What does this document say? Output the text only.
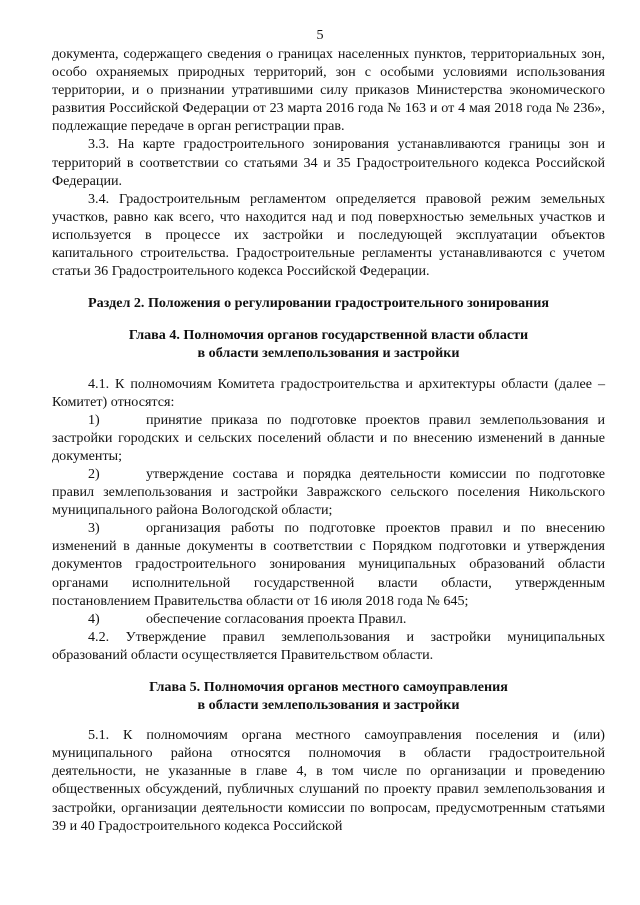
5

документа, содержащего сведения о границах населенных пунктов, территориальных зон, особо охраняемых природных территорий, зон с особыми условиями использования территории, и о признании утратившими силу приказов Министерства экономического развития Российской Федерации от 23 марта 2016 года № 163 и от 4 мая 2018 года № 236», подлежащие передаче в орган регистрации прав.

3.3. На карте градостроительного зонирования устанавливаются границы зон и территорий в соответствии со статьями 34 и 35 Градостроительного кодекса Российской Федерации.

3.4. Градостроительным регламентом определяется правовой режим земельных участков, равно как всего, что находится над и под поверхностью земельных участков и используется в процессе их застройки и последующей эксплуатации объектов капитального строительства. Градостроительные регламенты устанавливаются с учетом статьи 36 Градостроительного кодекса Российской Федерации.

Раздел 2. Положения о регулировании градостроительного зонирования
Глава 4. Полномочия органов государственной власти области
в области землепользования и застройки

4.1. К полномочиям Комитета градостроительства и архитектуры области (далее – Комитет) относятся:

1)	принятие приказа по подготовке проектов правил землепользования и застройки городских и сельских поселений области и по внесению изменений в данные документы;

2)	утверждение состава и порядка деятельности комиссии по подготовке правил землепользования и застройки Завражского сельского поселения Никольского муниципального района Вологодской области;

3)	организация работы по подготовке проектов правил и по внесению изменений в данные документы в соответствии с Порядком подготовки и утверждения документов градостроительного зонирования муниципальных образований области органами исполнительной государственной власти области, утвержденным постановлением Правительства области от 16 июля 2018 года № 645;

4)	обеспечение согласования проекта Правил.

4.2. Утверждение правил землепользования и застройки муниципальных образований области осуществляется Правительством области.

Глава 5. Полномочия органов местного самоуправления
в области землепользования и застройки

5.1. К полномочиям органа местного самоуправления поселения и (или) муниципального района относятся полномочия в области градостроительной деятельности, не указанные в главе 4, в том числе по организации и проведению общественных обсуждений, публичных слушаний по проекту правил землепользования и застройки, организации деятельности комиссии по вопросам, предусмотренным статьями 39 и 40 Градостроительного кодекса Российской
